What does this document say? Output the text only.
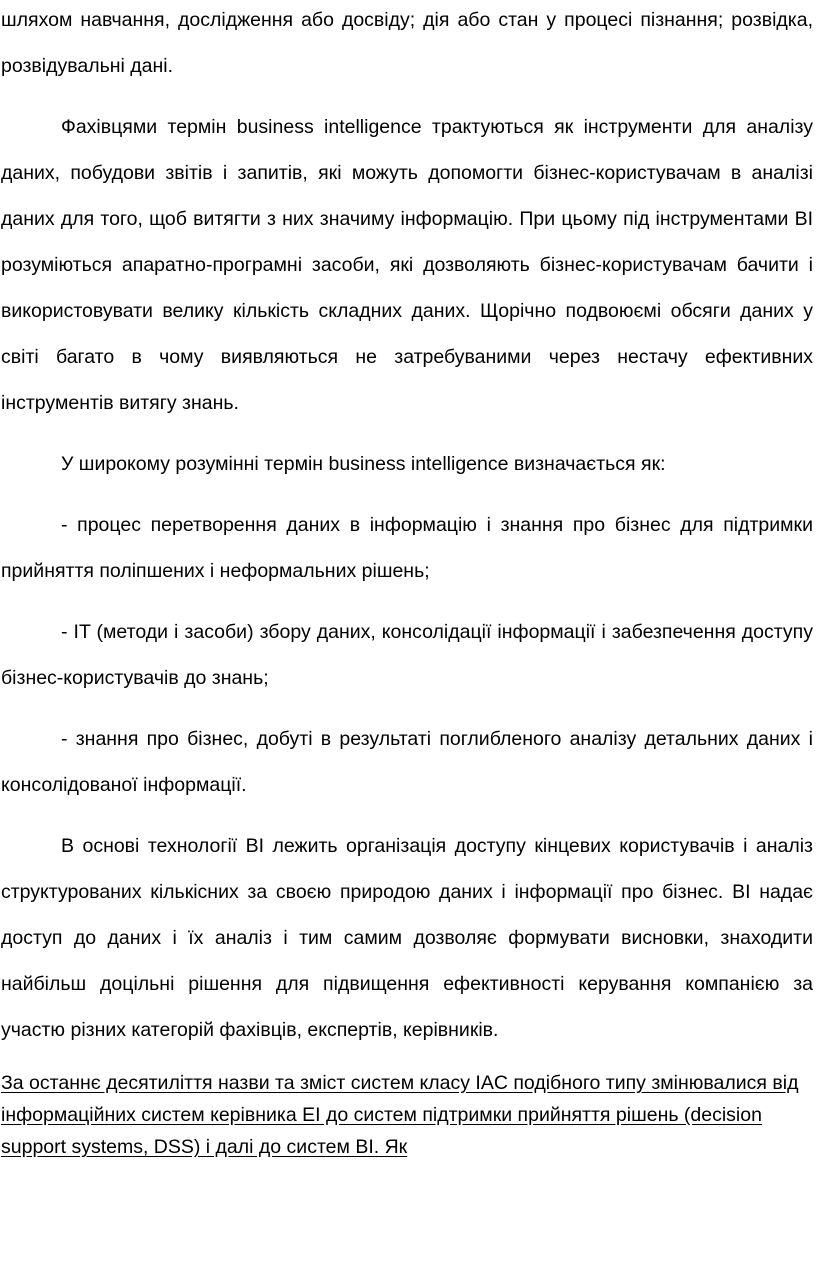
шляхом навчання, дослідження або досвіду; дія або стан у процесі пізнання; розвідка, розвідувальні дані.

Фахівцями термін business intelligence трактуються як інструменти для аналізу даних, побудови звітів і запитів, які можуть допомогти бізнес-користувачам в аналізі даних для того, щоб витягти з них значиму інформацію. При цьому під інструментами BI розуміються апаратно-програмні засоби, які дозволяють бізнес-користувачам бачити і використовувати велику кількість складних даних. Щорічно подвоюємі обсяги даних у світі багато в чому виявляються не затребуваними через нестачу ефективних інструментів витягу знань.

У широкому розумінні термін business intelligence визначається як:

- процес перетворення даних в інформацію і знання про бізнес для підтримки прийняття поліпшених і неформальних рішень;

- IT (методи і засоби) збору даних, консолідації інформації і забезпечення доступу бізнес-користувачів до знань;

- знання про бізнес, добуті в результаті поглибленого аналізу детальних даних і консолідованої інформації.

В основі технології BI лежить організація доступу кінцевих користувачів і аналіз структурованих кількісних за своєю природою даних і інформації про бізнес. BI надає доступ до даних і їх аналіз і тим самим дозволяє формувати висновки, знаходити найбільш доцільні рішення для підвищення ефективності керування компанією за участю різних категорій фахівців, експертів, керівників.

За останнє десятиліття назви та зміст систем класу IAC подібного типу змінювалися від інформаційних систем керівника EI до систем підтримки прийняття рішень (decision support systems, DSS) і далі до систем BI. Як
